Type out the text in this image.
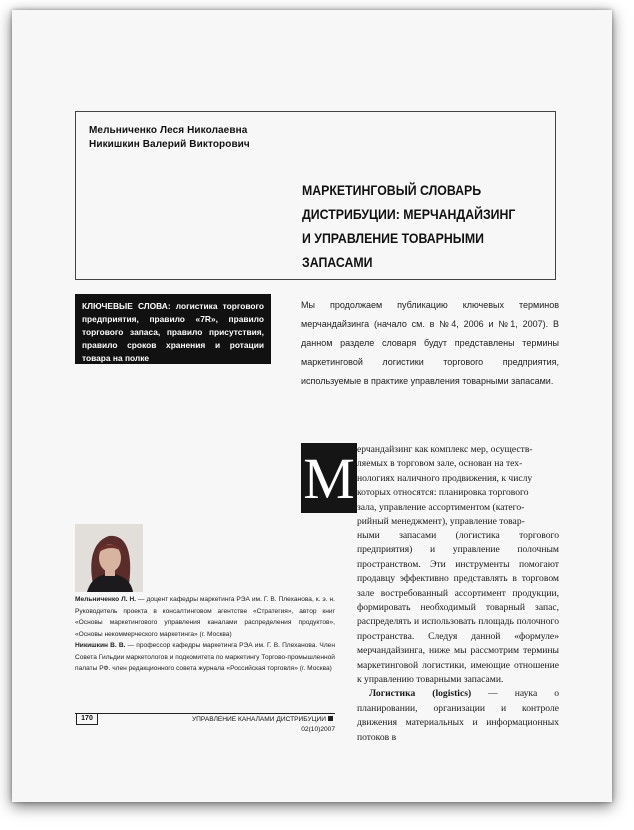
Мельниченко Леся Николаевна
Никишкин Валерий Викторович
МАРКЕТИНГОВЫЙ СЛОВАРЬ
ДИСТРИБУЦИИ: МЕРЧАНДАЙЗИНГ
И УПРАВЛЕНИЕ ТОВАРНЫМИ
ЗАПАСАМИ
КЛЮЧЕВЫЕ СЛОВА: логистика торгового предприятия, правило «7R», правило торгового запаса, правило присутствия, правило сроков хранения и ротации товара на полке
Мы продолжаем публикацию ключевых терминов мерчандайзинга (начало см. в №4, 2006 и №1, 2007). В данном разделе словаря будут представлены термины маркетинговой логистики торгового предприятия, используемые в практике управления товарными запасами.
М ерчандайзинг как комплекс мер, осуществ-
ляемых в торговом зале, основан на тех-
нологиях наличного продвижения, к числу
которых относятся: планировка торгового
зала, управление ассортиментом (катего-
рийный менеджмент), управление товар-

ными запасами (логистика торгового предприятия) и управление полочным пространством. Эти инструменты помогают продавцу эффективно представлять в торговом зале востребованный ассортимент продукции, формировать необходимый товарный запас, распределять и использовать площадь полочного пространства. Следуя данной «формуле» мерчандайзинга, ниже мы рассмотрим термины маркетинговой логистики, имеющие отношение к управлению товарными запасами.

Логистика (logistics) — наука о планировании, организации и контроле движения материальных и информационных потоков в

Мельниченко Л. Н. — доцент кафедры маркетинга РЭА им. Г. В. Плеханова, к. э. н. Руководитель проекта в консалтинговом агентстве «Стратегия», автор книг «Основы маркетингового управления каналами распределения продуктов», «Основы некоммерческого маркетинга» (г. Москва)
Никишкин В. В. — профессор кафедры маркетинга РЭА им. Г. В. Плеханова. Член Совета Гильдии маркетологов и подкомитета по маркетингу Торгово-промышленной палаты РФ. член редакционного совета журнала «Российская торговля» (г. Москва)
170	УПРАВЛЕНИЕ КАНАЛАМИ ДИСТРИБУЦИИ02(10)2007
